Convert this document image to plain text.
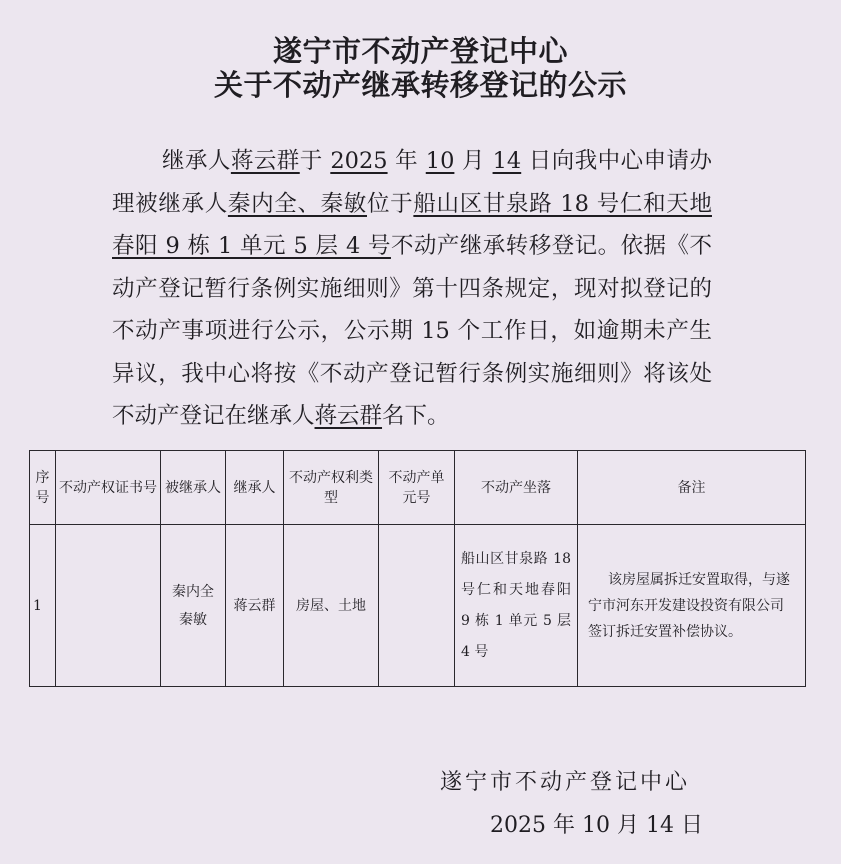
遂宁市不动产登记中心
关于不动产继承转移登记的公示

继承人蒋云群于 2025 年 10 月 14 日向我中心申请办理被继承人秦内全、秦敏位于船山区甘泉路 18 号仁和天地春阳 9 栋 1 单元 5 层 4 号不动产继承转移登记。依据《不动产登记暂行条例实施细则》第十四条规定，现对拟登记的不动产事项进行公示，公示期 15 个工作日，如逾期未产生异议，我中心将按《不动产登记暂行条例实施细则》将该处不动产登记在继承人蒋云群名下。

序号	不动产权证书号	被继承人	继承人	不动产权利类型	不动产单元号	不动产坐落	备注
1		秦内全
秦敏	蒋云群	房屋、土地		船山区甘泉路 18 号仁和天地春阳 9 栋 1 单元 5 层 4 号	该房屋属拆迁安置取得，与遂宁市河东开发建设投资有限公司签订拆迁安置补偿协议。
遂宁市不动产登记中心
2025 年 10 月 14 日
